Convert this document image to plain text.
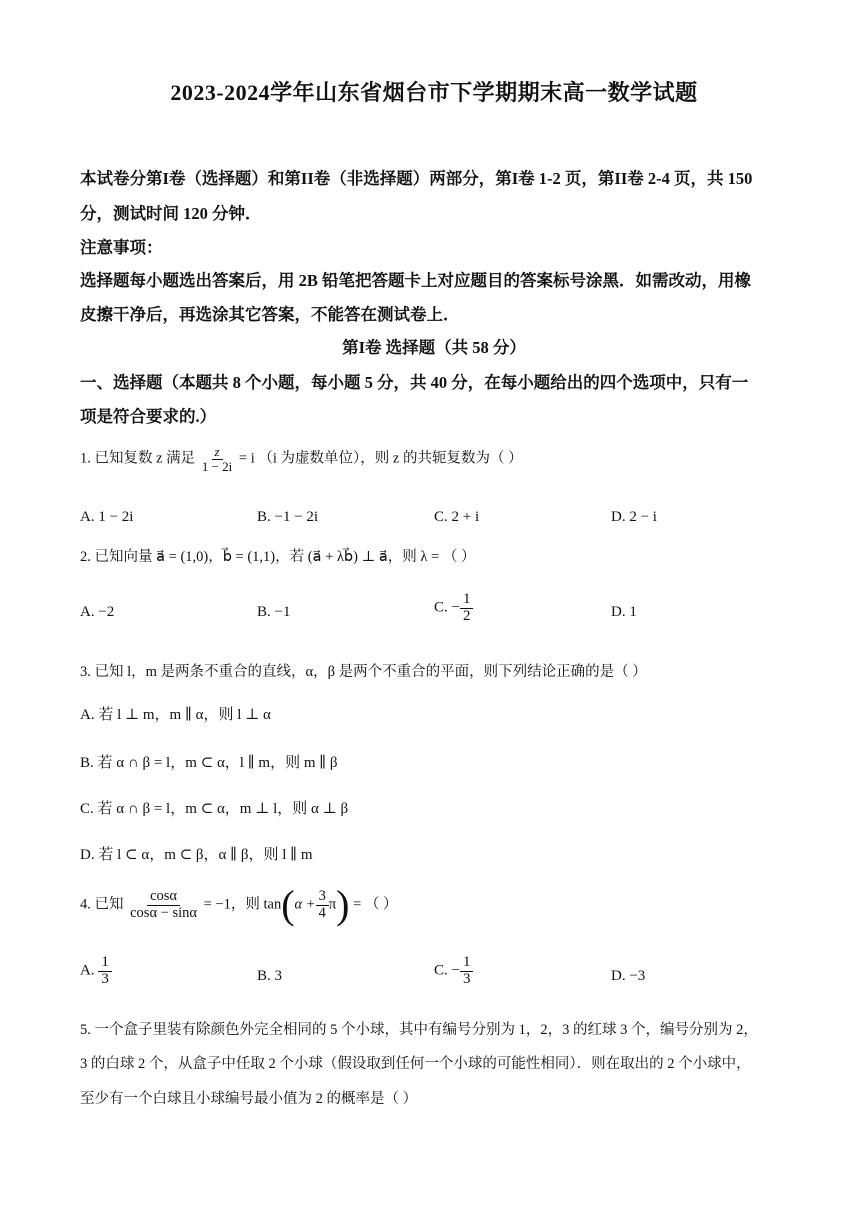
2023-2024学年山东省烟台市下学期期末高一数学试题
本试卷分第I卷（选择题）和第II卷（非选择题）两部分，第I卷 1-2 页，第II卷 2-4 页，共 150
分，测试时间 120 分钟．
注意事项：
选择题每小题选出答案后，用 2B 铅笔把答题卡上对应题目的答案标号涂黑．如需改动，用橡
皮擦干净后，再选涂其它答案，不能答在测试卷上．
第I卷 选择题（共 58 分）
一、选择题（本题共 8 个小题，每小题 5 分，共 40 分，在每小题给出的四个选项中，只有一
项是符合要求的.）
1. 已知复数 z 满足 $\frac{z}{1 - 2i} = i$ （i 为虚数单位），则 z 的共轭复数为（ ）
A. 1 − 2i	B. −1 − 2i	C. 2 + i	D. 2 − i
2. 已知向量 a⃗ = (1,0)，b⃗ = (1,1)，若 (a⃗ + λb⃗) ⊥ a⃗，则 λ = （ ）
A. −2	B. −1	C. − $\frac{1}{2}$	D. 1
3. 已知 l，m 是两条不重合的直线，α，β 是两个不重合的平面，则下列结论正确的是（ ）
A. 若 l ⊥ m，m ∥ α，则 l ⊥ α
B. 若 α ∩ β = l，m ⊂ α，l ∥ m，则 m ∥ β
C. 若 α ∩ β = l，m ⊂ α，m ⊥ l，则 α ⊥ β
D. 若 l ⊂ α，m ⊂ β，α ∥ β，则 l ∥ m
4. 已知 $\frac{\cos\alpha}{\cos\alpha - \sin\alpha} = -1$，则 $\tan(\alpha + \frac{3}{4} \pi)$ = （ ）
A. $\frac{1}{3}$	B. 3	C. − $\frac{1}{3}$	D. −3
5. 一个盒子里装有除颜色外完全相同的 5 个小球，其中有编号分别为 1，2，3 的红球 3 个，编号分别为 2，
3 的白球 2 个，从盒子中任取 2 个小球（假设取到任何一个小球的可能性相同）．则在取出的 2 个小球中，
至少有一个白球且小球编号最小值为 2 的概率是（ ）
